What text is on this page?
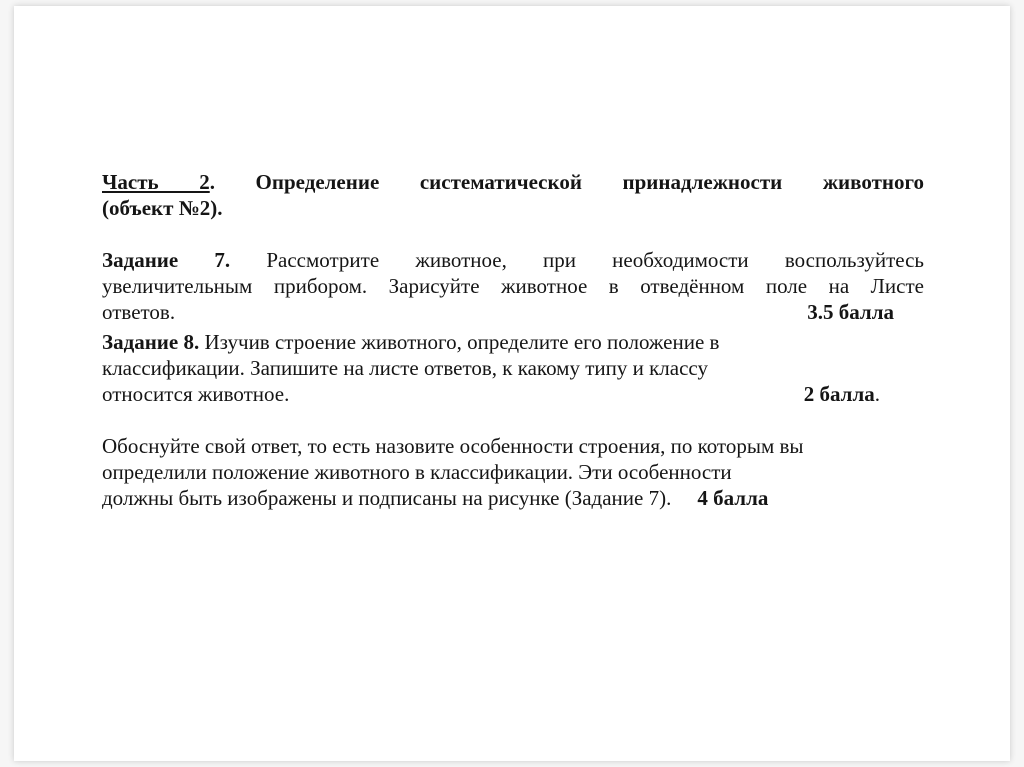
Часть 2. Определение систематической принадлежности животного
(объект №2).
Задание 7. Рассмотрите животное, при необходимости воспользуйтесь
увеличительным прибором. Зарисуйте животное в отведённом поле на Листе
ответов.	3.5 балла
Задание 8. Изучив строение животного, определите его положение в
классификации. Запишите на листе ответов, к какому типу и классу
относится животное.	2 балла.
Обоснуйте свой ответ, то есть назовите особенности строения, по которым вы
определили положение животного в классификации. Эти особенности
должны быть изображены и подписаны на рисунке (Задание 7). 4 балла
